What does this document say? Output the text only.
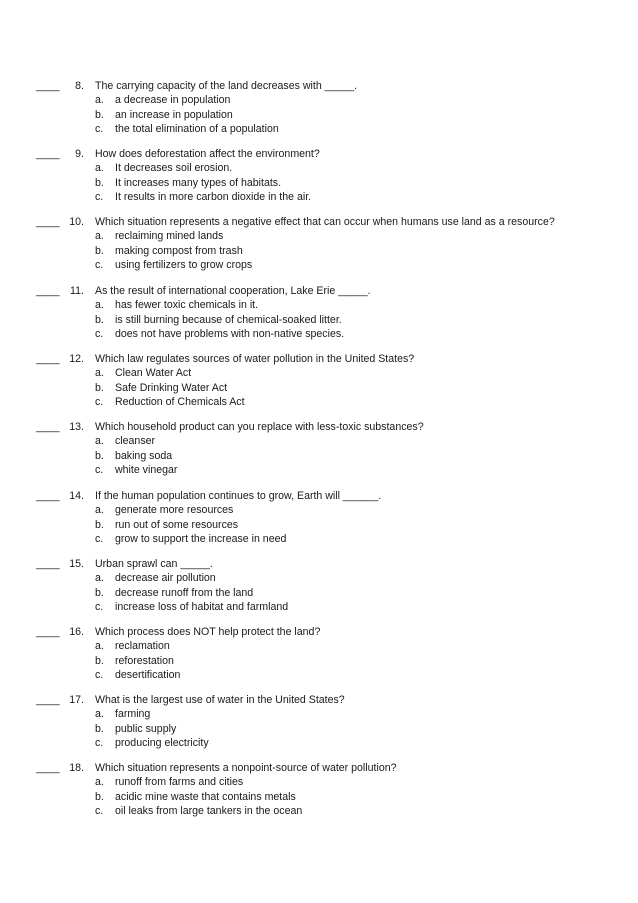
____	8. The carrying capacity of the land decreases with _____.
a. a decrease in population
b. an increase in population
c. the total elimination of a population
____	9. How does deforestation affect the environment?
a. It decreases soil erosion.
b. It increases many types of habitats.
c. It results in more carbon dioxide in the air.
____ 10. Which situation represents a negative effect that can occur when humans use land as a resource?
a. reclaiming mined lands
b. making compost from trash
c. using fertilizers to grow crops
____ 11. As the result of international cooperation, Lake Erie _____.
a. has fewer toxic chemicals in it.
b. is still burning because of chemical-soaked litter.
c. does not have problems with non-native species.
____ 12. Which law regulates sources of water pollution in the United States?
a. Clean Water Act
b. Safe Drinking Water Act
c. Reduction of Chemicals Act
____ 13. Which household product can you replace with less-toxic substances?
a. cleanser
b. baking soda
c. white vinegar
____ 14. If the human population continues to grow, Earth will ______.
a. generate more resources
b. run out of some resources
c. grow to support the increase in need
____ 15. Urban sprawl can _____.
a. decrease air pollution
b. decrease runoff from the land
c. increase loss of habitat and farmland
____ 16. Which process does NOT help protect the land?
a. reclamation
b. reforestation
c. desertification
____ 17. What is the largest use of water in the United States?
a. farming
b. public supply
c. producing electricity
____ 18. Which situation represents a nonpoint-source of water pollution?
a. runoff from farms and cities
b. acidic mine waste that contains metals
c. oil leaks from large tankers in the ocean
